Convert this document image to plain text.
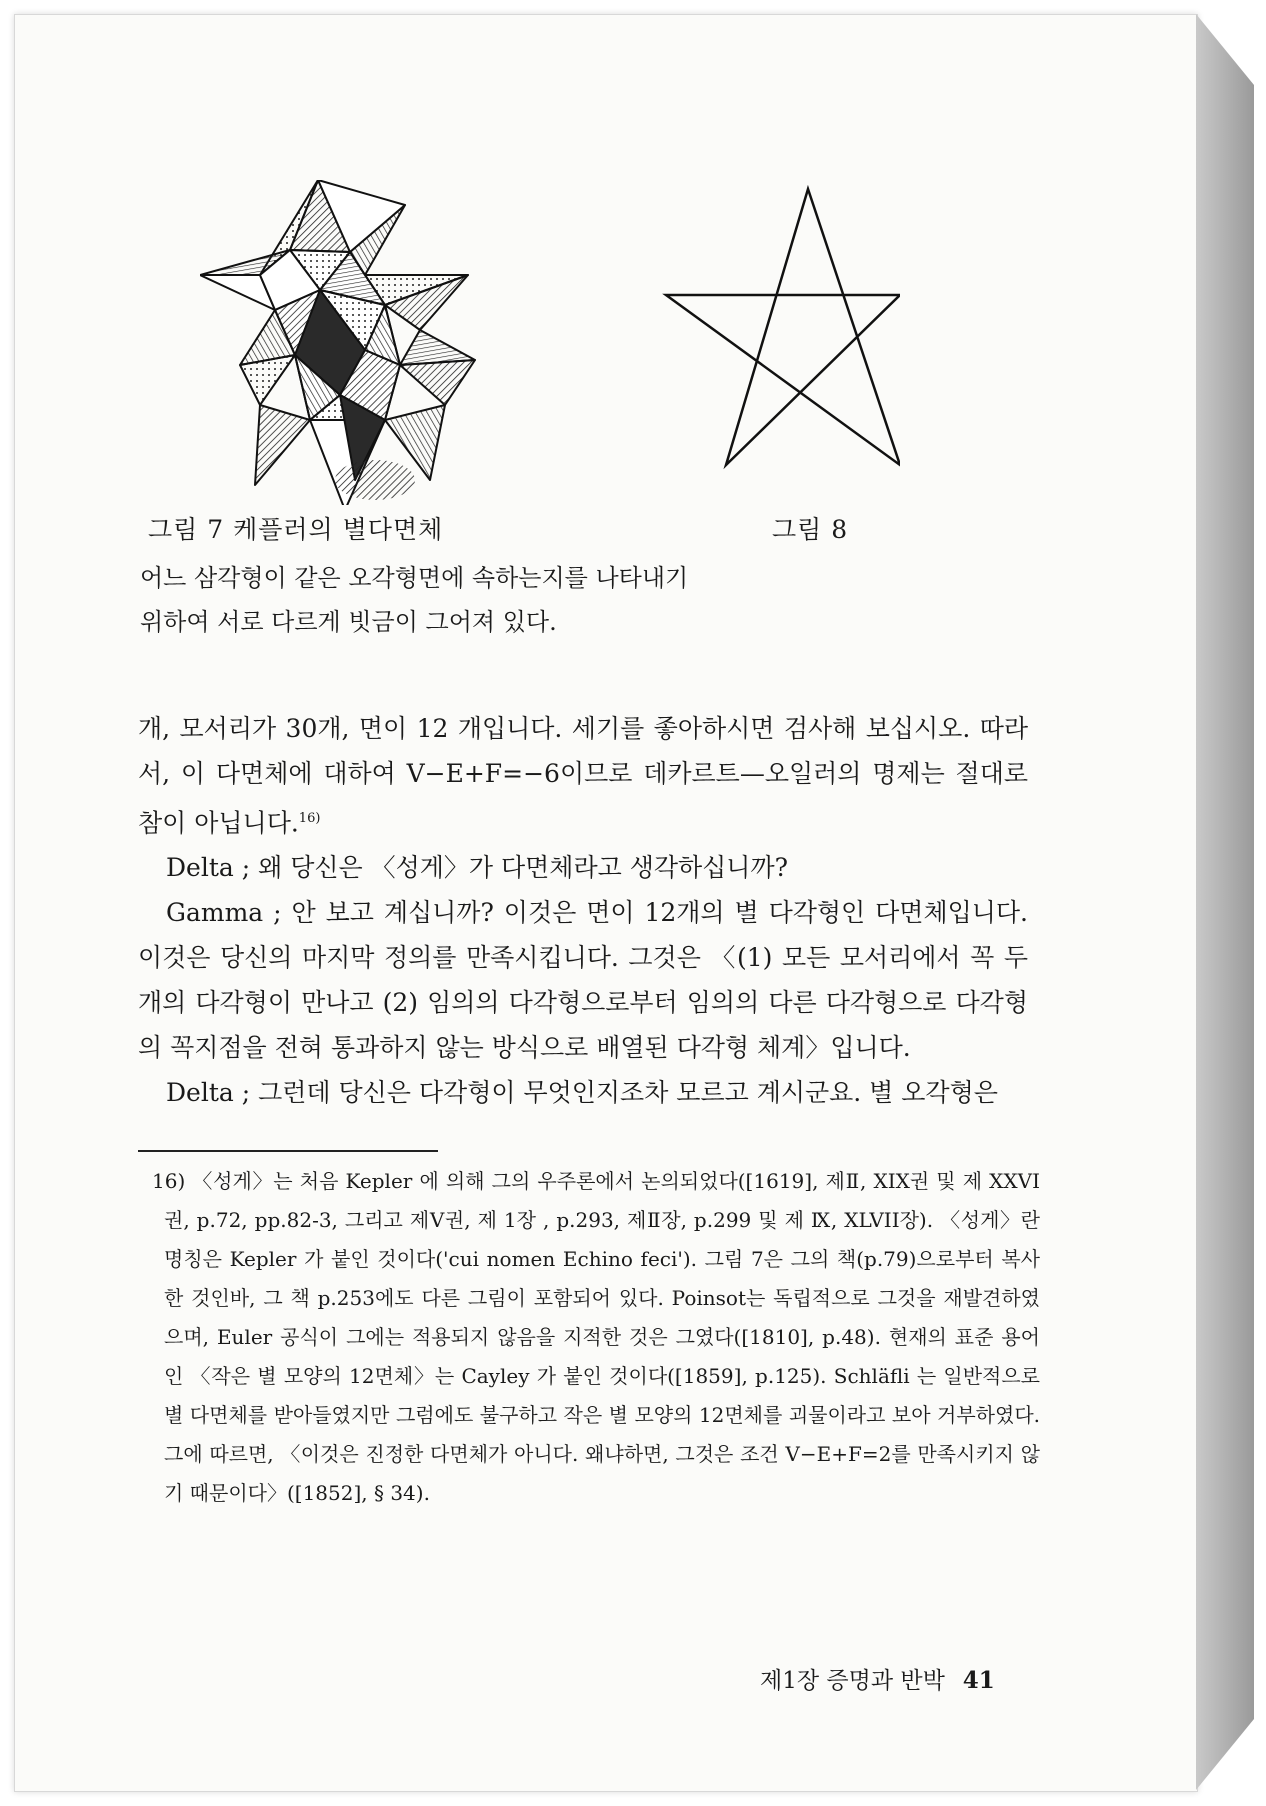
그림 7 케플러의 별다면체	그림 8
어느 삼각형이 같은 오각형면에 속하는지를 나타내기 위하여 서로 다르게 빗금이 그어져 있다.

개, 모서리가 30개, 면이 12 개입니다. 세기를 좋아하시면 검사해 보십시오. 따라서, 이 다면체에 대하여 V−E+F=−6이므로 데카르트—오일러의 명제는 절대로 참이 아닙니다.$^{16)}$

Delta ; 왜 당신은 〈성게〉가 다면체라고 생각하십니까?

Gamma ; 안 보고 계십니까? 이것은 면이 12개의 별 다각형인 다면체입니다. 이것은 당신의 마지막 정의를 만족시킵니다. 그것은 〈(1) 모든 모서리에서 꼭 두 개의 다각형이 만나고 (2) 임의의 다각형으로부터 임의의 다른 다각형으로 다각형의 꼭지점을 전혀 통과하지 않는 방식으로 배열된 다각형 체계〉입니다.

Delta ; 그런데 당신은 다각형이 무엇인지조차 모르고 계시군요. 별 오각형은

16) 〈성게〉는 처음 Kepler 에 의해 그의 우주론에서 논의되었다([1619], 제Ⅱ, XIX권 및 제 XXVI권, p.72, pp.82-3, 그리고 제Ⅴ권, 제 1장 , p.293, 제Ⅱ장, p.299 및 제 Ⅸ, XLVII장). 〈성게〉란 명칭은 Kepler 가 붙인 것이다('cui nomen Echino feci'). 그림 7은 그의 책(p.79)으로부터 복사한 것인바, 그 책 p.253에도 다른 그림이 포함되어 있다. Poinsot는 독립적으로 그것을 재발견하였으며, Euler 공식이 그에는 적용되지 않음을 지적한 것은 그였다([1810], p.48). 현재의 표준 용어인 〈작은 별 모양의 12면체〉는 Cayley 가 붙인 것이다([1859], p.125). Schläfli 는 일반적으로 별 다면체를 받아들였지만 그럼에도 불구하고 작은 별 모양의 12면체를 괴물이라고 보아 거부하였다. 그에 따르면, 〈이것은 진정한 다면체가 아니다. 왜냐하면, 그것은 조건 V−E+F=2를 만족시키지 않기 때문이다〉([1852], § 34).
제1장 증명과 반박 41
